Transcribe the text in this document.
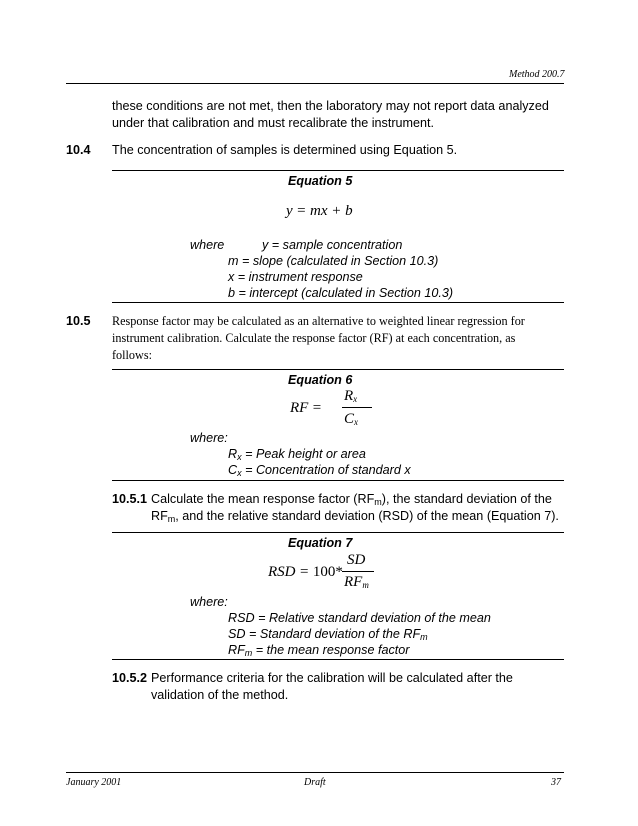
Method 200.7
these conditions are not met, then the laboratory may not report data analyzed
under that calibration and must recalibrate the instrument.
10.4 The concentration of samples is determined using Equation 5.
Equation 5
y = mx + b
where	y = sample concentration
m = slope (calculated in Section 10.3)
x = instrument response
b = intercept (calculated in Section 10.3)
10.5 Response factor may be calculated as an alternative to weighted linear regression for
instrument calibration. Calculate the response factor (RF) at each concentration, as
follows:
Equation 6
RF =
$R_x$
$C_x$
where:
$R_x$ = Peak height or area
$C_x$ = Concentration of standard x
10.5.1 Calculate the mean response factor $(RF_m)$, the standard deviation of the
$RF_m$, and the relative standard deviation (RSD) of the mean (Equation 7).
Equation 7
RSD = 100*
SD
$RF_m$
where:
RSD = Relative standard deviation of the mean
SD = Standard deviation of the $RF_m$
$RF_m$ = the mean response factor
10.5.2 Performance criteria for the calibration will be calculated after the
validation of the method.
January 2001	Draft	37
